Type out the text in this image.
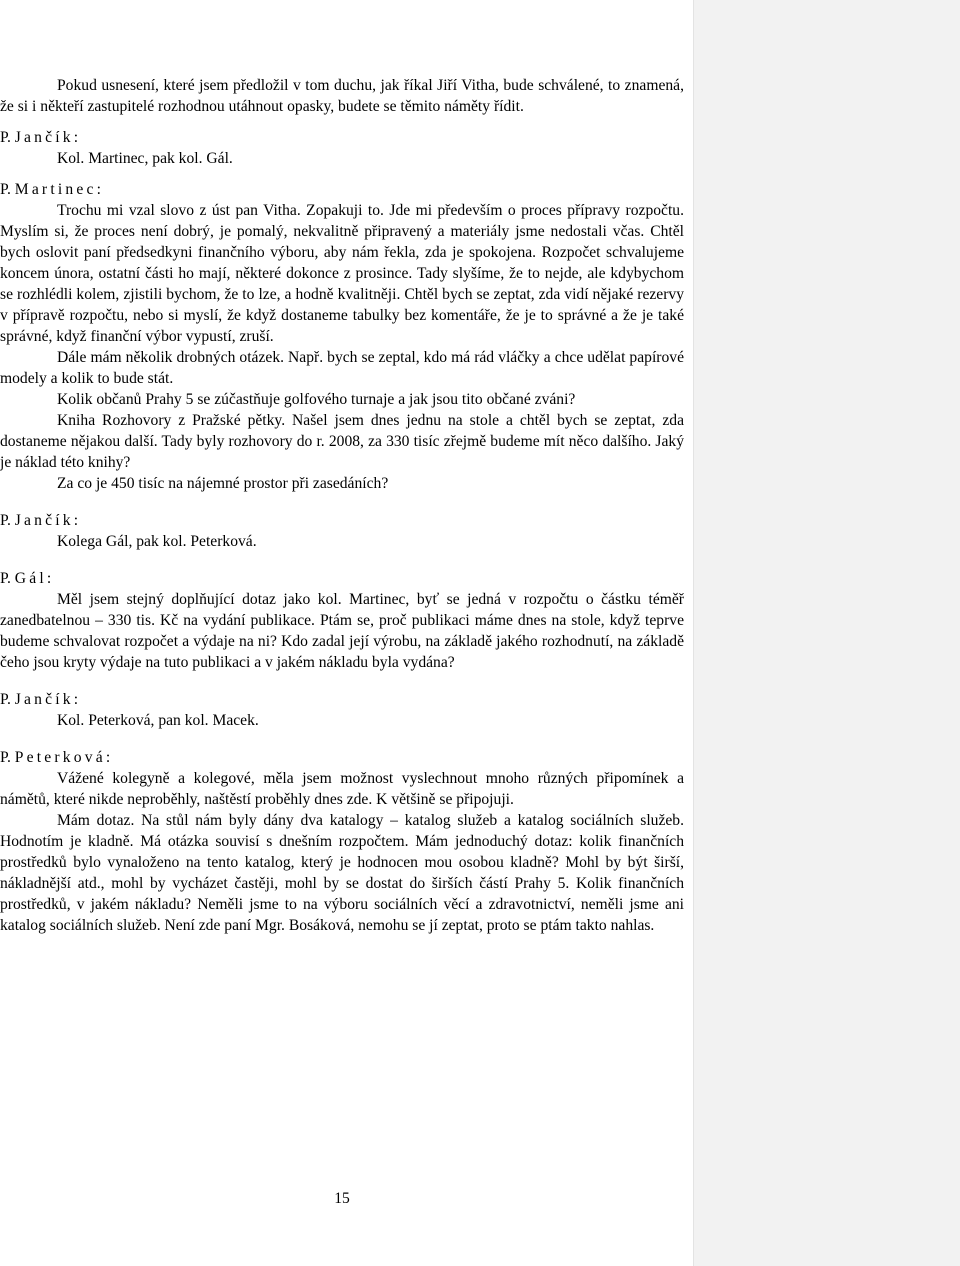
Pokud usnesení, které jsem předložil v tom duchu, jak říkal Jiří Vitha, bude schválené, to znamená, že si i někteří zastupitelé rozhodnou utáhnout opasky, budete se těmito náměty řídit.

P. Jančík:

Kol. Martinec, pak kol. Gál.

P. Martinec:

Trochu mi vzal slovo z úst pan Vitha. Zopakuji to. Jde mi především o proces přípravy rozpočtu. Myslím si, že proces není dobrý, je pomalý, nekvalitně připravený a materiály jsme nedostali včas. Chtěl bych oslovit paní předsedkyni finančního výboru, aby nám řekla, zda je spokojena. Rozpočet schvalujeme koncem února, ostatní části ho mají, některé dokonce z prosince. Tady slyšíme, že to nejde, ale kdybychom se rozhlédli kolem, zjistili bychom, že to lze, a hodně kvalitněji. Chtěl bych se zeptat, zda vidí nějaké rezervy v přípravě rozpočtu, nebo si myslí, že když dostaneme tabulky bez komentáře, že je to správné a že je také správné, když finanční výbor vypustí, zruší.

Dále mám několik drobných otázek. Např. bych se zeptal, kdo má rád vláčky a chce udělat papírové modely a kolik to bude stát.

Kolik občanů Prahy 5 se zúčastňuje golfového turnaje a jak jsou tito občané zváni?

Kniha Rozhovory z Pražské pětky. Našel jsem dnes jednu na stole a chtěl bych se zeptat, zda dostaneme nějakou další. Tady byly rozhovory do r. 2008, za 330 tisíc zřejmě budeme mít něco dalšího. Jaký je náklad této knihy?

Za co je 450 tisíc na nájemné prostor při zasedáních?

P. Jančík:

Kolega Gál, pak kol. Peterková.

P. Gál:

Měl jsem stejný doplňující dotaz jako kol. Martinec, byť se jedná v rozpočtu o částku téměř zanedbatelnou – 330 tis. Kč na vydání publikace. Ptám se, proč publikaci máme dnes na stole, když teprve budeme schvalovat rozpočet a výdaje na ni? Kdo zadal její výrobu, na základě jakého rozhodnutí, na základě čeho jsou kryty výdaje na tuto publikaci a v jakém nákladu byla vydána?

P. Jančík:

Kol. Peterková, pan kol. Macek.

P. Peterková:

Vážené kolegyně a kolegové, měla jsem možnost vyslechnout mnoho různých připomínek a námětů, které nikde neproběhly, naštěstí proběhly dnes zde. K většině se připojuji.

Mám dotaz. Na stůl nám byly dány dva katalogy – katalog služeb a katalog sociálních služeb. Hodnotím je kladně. Má otázka souvisí s dnešním rozpočtem. Mám jednoduchý dotaz: kolik finančních prostředků bylo vynaloženo na tento katalog, který je hodnocen mou osobou kladně? Mohl by být širší, nákladnější atd., mohl by vycházet častěji, mohl by se dostat do širších částí Prahy 5. Kolik finančních prostředků, v jakém nákladu? Neměli jsme to na výboru sociálních věcí a zdravotnictví, neměli jsme ani katalog sociálních služeb. Není zde paní Mgr. Bosáková, nemohu se jí zeptat, proto se ptám takto nahlas.

15
